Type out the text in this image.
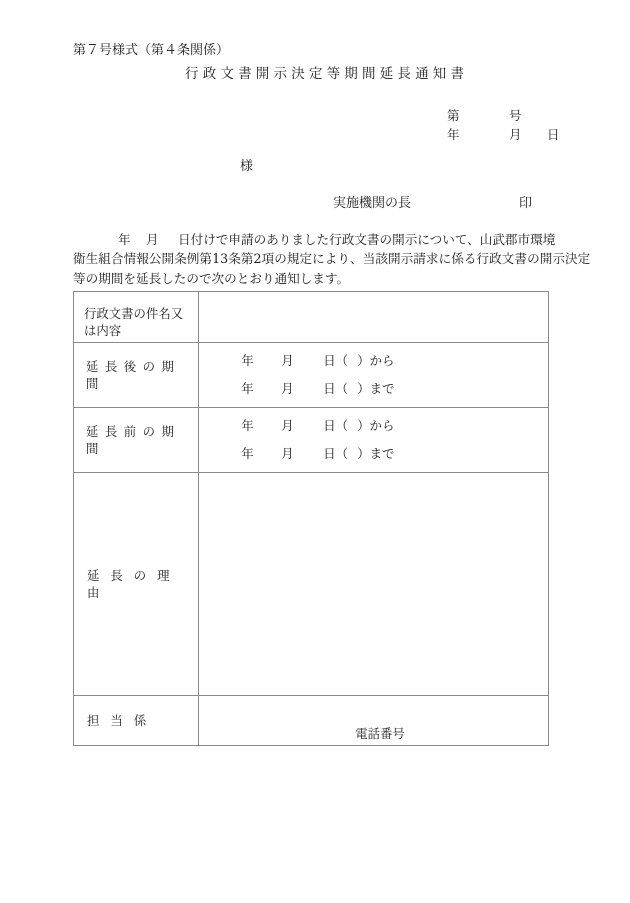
第７号様式（第４条関係）
行政文書開示決定等期間延長通知書
第	号
年	月 日
様
実施機関の長	印
年 月 日付けで申請のありました行政文書の開示について、山武郡市環境
衛生組合情報公開条例第13条第2項の規定により、当該開示請求に係る行政文書の開示決定
等の期間を延長したので次のとおり通知します。
行政文書の件名又は内容	

延長後の期間	年 月 日（ ）から
年 月 日（ ）まで

延長前の期間	年 月 日（ ）から
年 月 日（ ）まで

延長の理由	

担当係	電話番号
